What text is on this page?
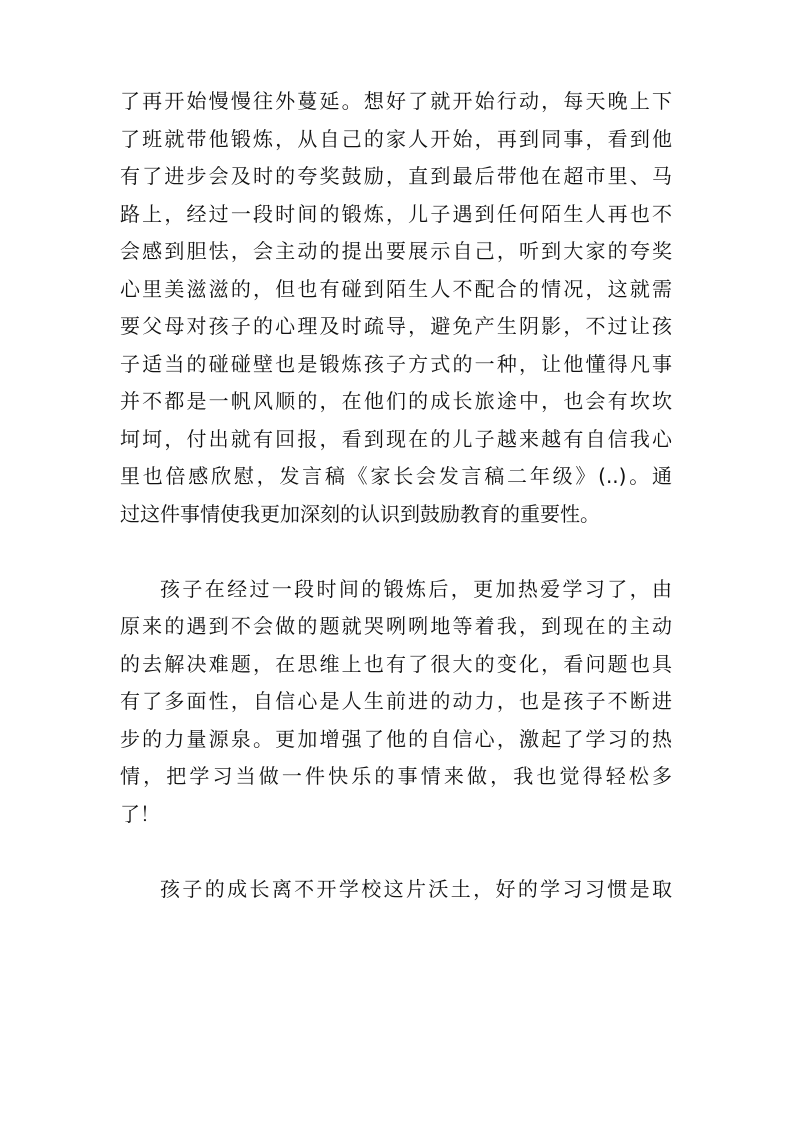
了再开始慢慢往外蔓延。想好了就开始行动，每天晚上下
了班就带他锻炼，从自己的家人开始，再到同事，看到他
有了进步会及时的夸奖鼓励，直到最后带他在超市里、马
路上，经过一段时间的锻炼，儿子遇到任何陌生人再也不
会感到胆怯，会主动的提出要展示自己，听到大家的夸奖
心里美滋滋的，但也有碰到陌生人不配合的情况，这就需
要父母对孩子的心理及时疏导，避免产生阴影，不过让孩
子适当的碰碰壁也是锻炼孩子方式的一种，让他懂得凡事
并不都是一帆风顺的，在他们的成长旅途中，也会有坎坎
坷坷，付出就有回报，看到现在的儿子越来越有自信我心
里也倍感欣慰，发言稿《家长会发言稿二年级》(..)。通
过这件事情使我更加深刻的认识到鼓励教育的重要性。
孩子在经过一段时间的锻炼后，更加热爱学习了，由
原来的遇到不会做的题就哭咧咧地等着我，到现在的主动
的去解决难题，在思维上也有了很大的变化，看问题也具
有了多面性，自信心是人生前进的动力，也是孩子不断进
步的力量源泉。更加增强了他的自信心，激起了学习的热
情，把学习当做一件快乐的事情来做，我也觉得轻松多
了！
孩子的成长离不开学校这片沃土，好的学习习惯是取
